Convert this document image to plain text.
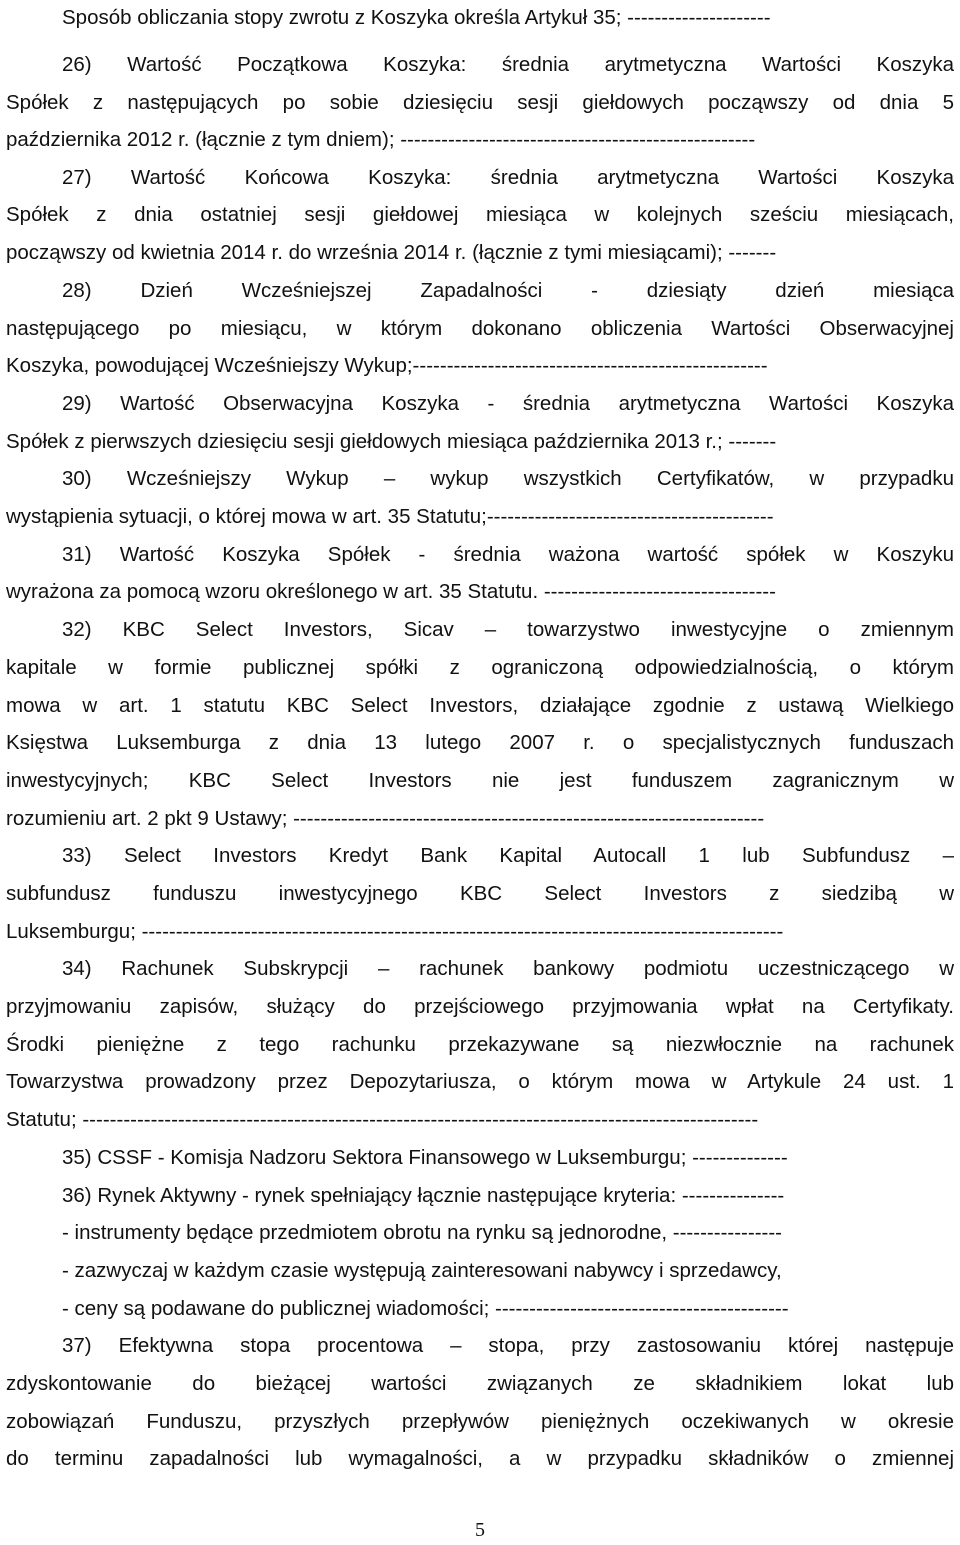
Sposób obliczania stopy zwrotu z Koszyka określa Artykuł 35; ---------------------
26) Wartość Początkowa Koszyka: średnia arytmetyczna Wartości Koszyka
Spółek z następujących po sobie dziesięciu sesji giełdowych począwszy od dnia 5
października 2012 r. (łącznie z tym dniem); ----------------------------------------------------
27) Wartość Końcowa Koszyka: średnia arytmetyczna Wartości Koszyka
Spółek z dnia ostatniej sesji giełdowej miesiąca w kolejnych sześciu miesiącach,
począwszy od kwietnia 2014 r. do września 2014 r. (łącznie z tymi miesiącami); -------
28) Dzień Wcześniejszej Zapadalności - dziesiąty dzień miesiąca
następującego po miesiącu, w którym dokonano obliczenia Wartości Obserwacyjnej
Koszyka, powodującej Wcześniejszy Wykup;----------------------------------------------------
29) Wartość Obserwacyjna Koszyka - średnia arytmetyczna Wartości Koszyka
Spółek z pierwszych dziesięciu sesji giełdowych miesiąca października 2013 r.; -------
30) Wcześniejszy Wykup – wykup wszystkich Certyfikatów, w przypadku
wystąpienia sytuacji, o której mowa w art. 35 Statutu;------------------------------------------
31) Wartość Koszyka Spółek - średnia ważona wartość spółek w Koszyku
wyrażona za pomocą wzoru określonego w art. 35 Statutu. ----------------------------------
32) KBC Select Investors, Sicav – towarzystwo inwestycyjne o zmiennym
kapitale w formie publicznej spółki z ograniczoną odpowiedzialnością, o którym
mowa w art. 1 statutu KBC Select Investors, działające zgodnie z ustawą Wielkiego
Księstwa Luksemburga z dnia 13 lutego 2007 r. o specjalistycznych funduszach
inwestycyjnych; KBC Select Investors nie jest funduszem zagranicznym w
rozumieniu art. 2 pkt 9 Ustawy; ---------------------------------------------------------------------
33) Select Investors Kredyt Bank Kapital Autocall 1 lub Subfundusz –
subfundusz funduszu inwestycyjnego KBC Select Investors z siedzibą w
Luksemburgu; ----------------------------------------------------------------------------------------------
34) Rachunek Subskrypcji – rachunek bankowy podmiotu uczestniczącego w
przyjmowaniu zapisów, służący do przejściowego przyjmowania wpłat na Certyfikaty.
Środki pieniężne z tego rachunku przekazywane są niezwłocznie na rachunek
Towarzystwa prowadzony przez Depozytariusza, o którym mowa w Artykule 24 ust. 1
Statutu; ---------------------------------------------------------------------------------------------------
35) CSSF - Komisja Nadzoru Sektora Finansowego w Luksemburgu; --------------
36) Rynek Aktywny - rynek spełniający łącznie następujące kryteria: ---------------
- instrumenty będące przedmiotem obrotu na rynku są jednorodne, ----------------
- zazwyczaj w każdym czasie występują zainteresowani nabywcy i sprzedawcy,
- ceny są podawane do publicznej wiadomości; -------------------------------------------
37) Efektywna stopa procentowa – stopa, przy zastosowaniu której następuje
zdyskontowanie do bieżącej wartości związanych ze składnikiem lokat lub
zobowiązań Funduszu, przyszłych przepływów pieniężnych oczekiwanych w okresie
do terminu zapadalności lub wymagalności, a w przypadku składników o zmiennej
5
